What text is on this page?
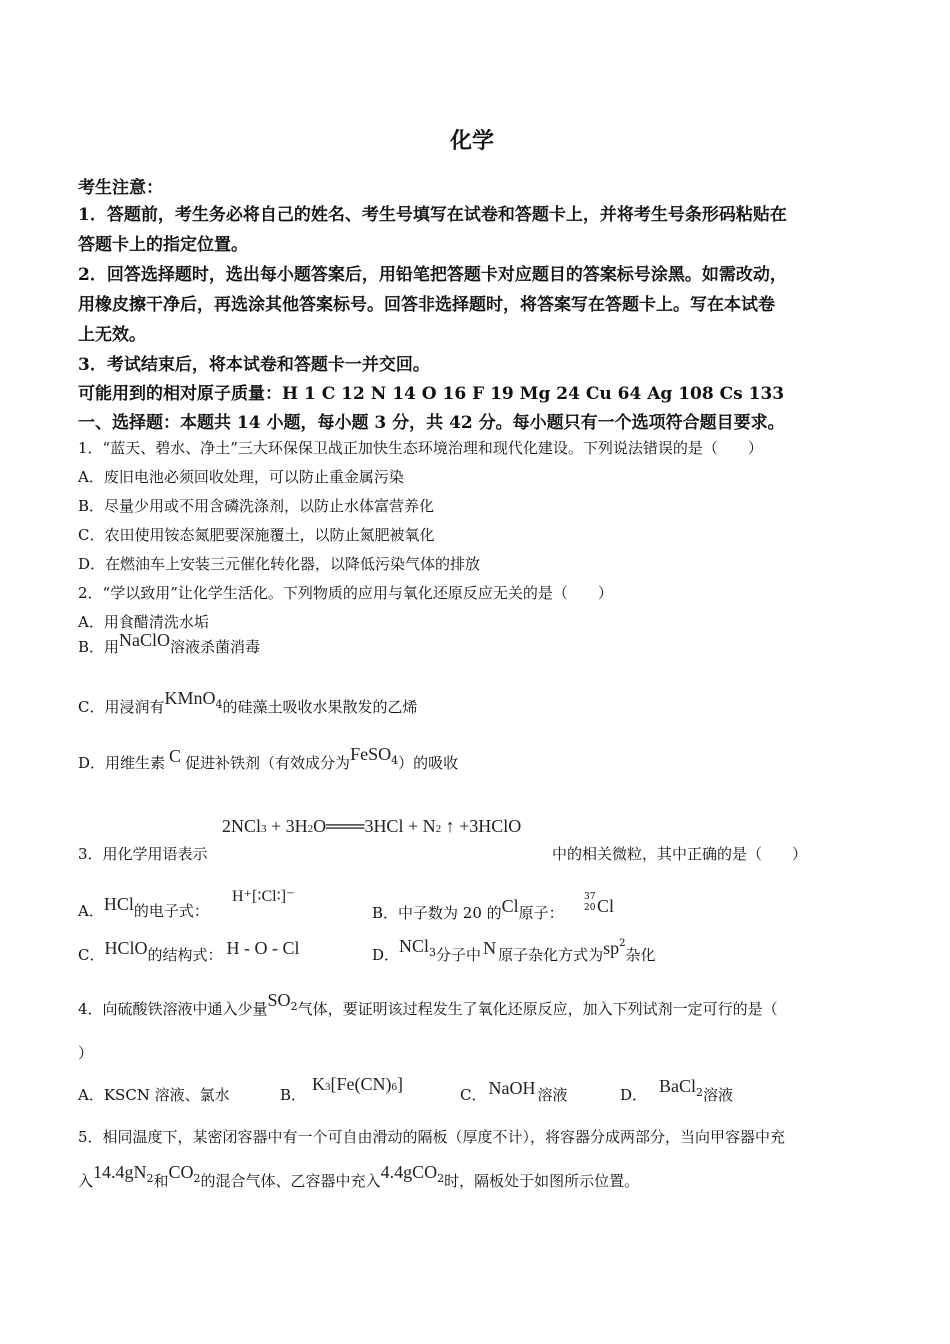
化学
考生注意：
1．答题前，考生务必将自己的姓名、考生号填写在试卷和答题卡上，并将考生号条形码粘贴在
答题卡上的指定位置。
2．回答选择题时，选出每小题答案后，用铅笔把答题卡对应题目的答案标号涂黑。如需改动，
用橡皮擦干净后，再选涂其他答案标号。回答非选择题时，将答案写在答题卡上。写在本试卷
上无效。
3．考试结束后，将本试卷和答题卡一并交回。
可能用到的相对原子质量：H 1 C 12 N 14 O 16 F 19 Mg 24 Cu 64 Ag 108 Cs 133
一、选择题：本题共 14 小题，每小题 3 分，共 42 分。每小题只有一个选项符合题目要求。
1．“蓝天、碧水、净土”三大环保保卫战正加快生态环境治理和现代化建设。下列说法错误的是（　　）
A．废旧电池必须回收处理，可以防止重金属污染
B．尽量少用或不用含磷洗涤剂，以防止水体富营养化
C．农田使用铵态氮肥要深施覆土，以防止氮肥被氧化
D．在燃油车上安装三元催化转化器，以降低污染气体的排放
2．“学以致用”让化学生活化。下列物质的应用与氧化还原反应无关的是（　　）
A．用食醋清洗水垢
B．用NaClO溶液杀菌消毒
C．用浸润有KMnO$^4$的硅藻土吸收水果散发的乙烯
D．用维生素 C 促进补铁剂（有效成分为FeSO$^4$）的吸收
2NCl3 + 3H2O═══3HCl + N2 ↑ +3HClO
3．用化学用语表示	中的相关微粒，其中正确的是（　　）
A．HCl的电子式：
H⁺[∶Cl∶]⁻
B．中子数为 20 的Cl原子：
37
20 Cl
C．HClO的结构式： H - O - Cl	D．NCl$^3$分子中 N 原子杂化方式为$sp^2$杂化
4．向硫酸铁溶液中通入少量$SO^2$气体，要证明该过程发生了氧化还原反应，加入下列试剂一定可行的是（
）
A．KSCN 溶液、氯水	B．K3[Fe(CN)6]
C． NaOH 溶液	D． BaCl$^2$溶液
5．相同温度下，某密闭容器中有一个可自由滑动的隔板（厚度不计），将容器分成两部分，当向甲容器中充
入$14.4gN^2$和$CO^2$的混合气体、乙容器中充入4.4gCO$^2$时，隔板处于如图所示位置。
